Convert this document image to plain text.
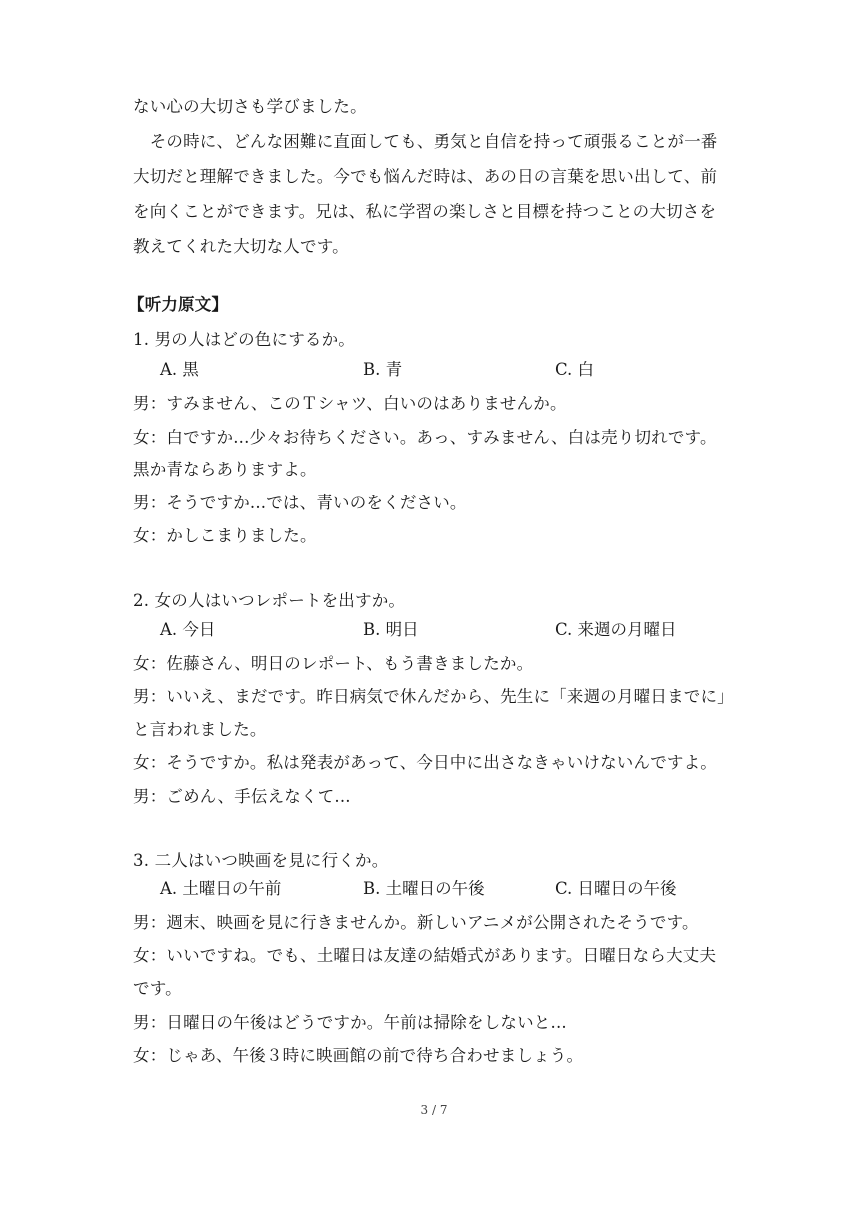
ない心の大切さも学びました。
　その時に、どんな困難に直面しても、勇気と自信を持って頑張ることが一番
大切だと理解できました。今でも悩んだ時は、あの日の言葉を思い出して、前
を向くことができます。兄は、私に学習の楽しさと目標を持つことの大切さを
教えてくれた大切な人です。
【听力原文】
1. 男の人はどの色にするか。
A. 黒	B. 青	C. 白
男：すみません、このＴシャツ、白いのはありませんか。
女：白ですか...少々お待ちください。あっ、すみません、白は売り切れです。
黒か青ならありますよ。
男：そうですか...では、青いのをください。
女：かしこまりました。
2. 女の人はいつレポートを出すか。
A. 今日	B. 明日	C. 来週の月曜日
女：佐藤さん、明日のレポート、もう書きましたか。
男：いいえ、まだです。昨日病気で休んだから、先生に「来週の月曜日までに」
と言われました。
女：そうですか。私は発表があって、今日中に出さなきゃいけないんですよ。
男：ごめん、手伝えなくて...
3. 二人はいつ映画を見に行くか。
A. 土曜日の午前	B. 土曜日の午後	C. 日曜日の午後
男：週末、映画を見に行きませんか。新しいアニメが公開されたそうです。
女：いいですね。でも、土曜日は友達の結婚式があります。日曜日なら大丈夫
です。
男：日曜日の午後はどうですか。午前は掃除をしないと...
女：じゃあ、午後３時に映画館の前で待ち合わせましょう。
3 / 7
